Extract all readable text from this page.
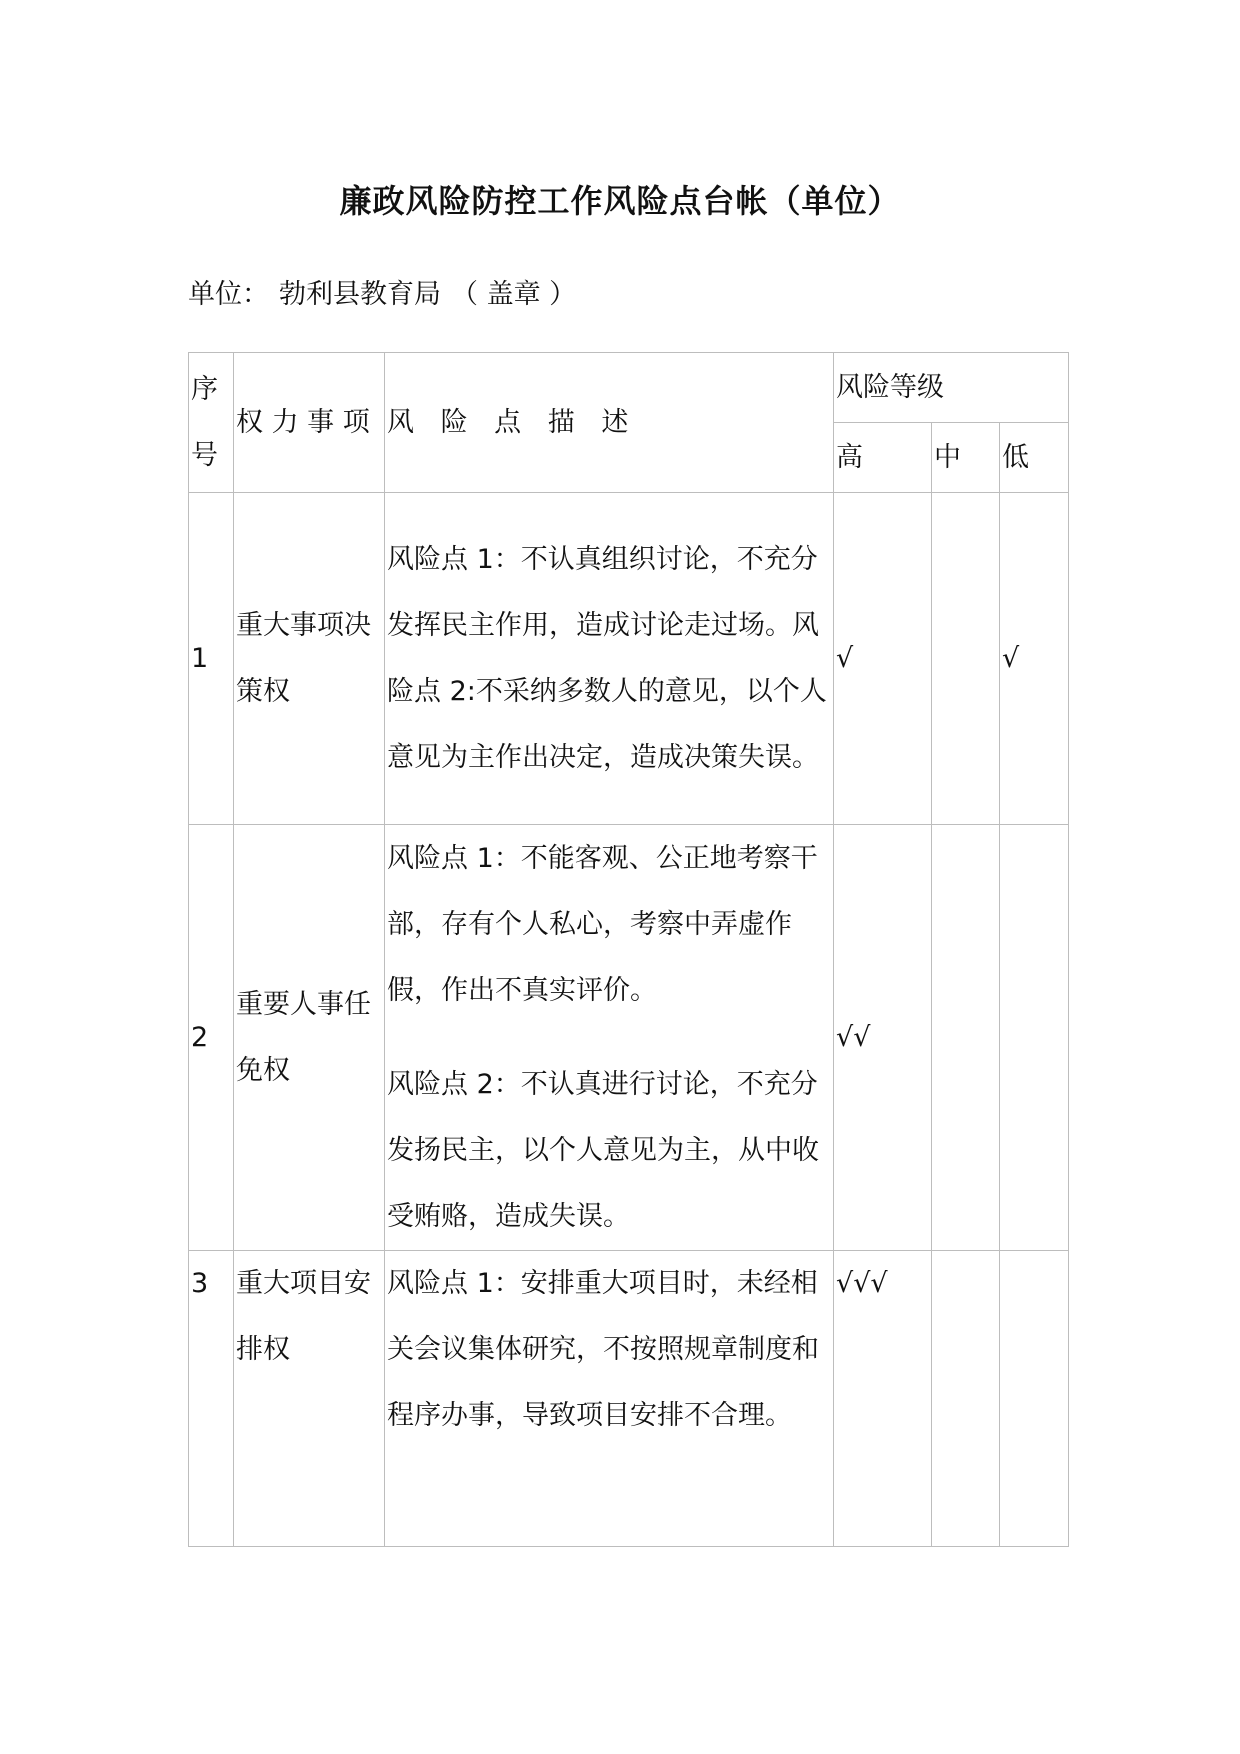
廉政风险防控工作风险点台帐（单位）
单位： 勃利县教育局 （ 盖章 ）
序号	权 力 事 项	风 险 点 描 述	风险等级		
			高	中	低
1	重大事项决策权	风险点 1：不认真组织讨论，不充分发挥民主作用，造成讨论走过场。风险点 2:不采纳多数人的意见，以个人意见为主作出决定，造成决策失误。	√		√
2	重要人事任免权	风险点 1：不能客观、公正地考察干部，存有个人私心，考察中弄虚作假，作出不真实评价。
风险点 2：不认真进行讨论，不充分发扬民主，以个人意见为主，从中收受贿赂，造成失误。	√√		
3	重大项目安排权	风险点 1：安排重大项目时，未经相关会议集体研究，不按照规章制度和程序办事，导致项目安排不合理。	√√√		
